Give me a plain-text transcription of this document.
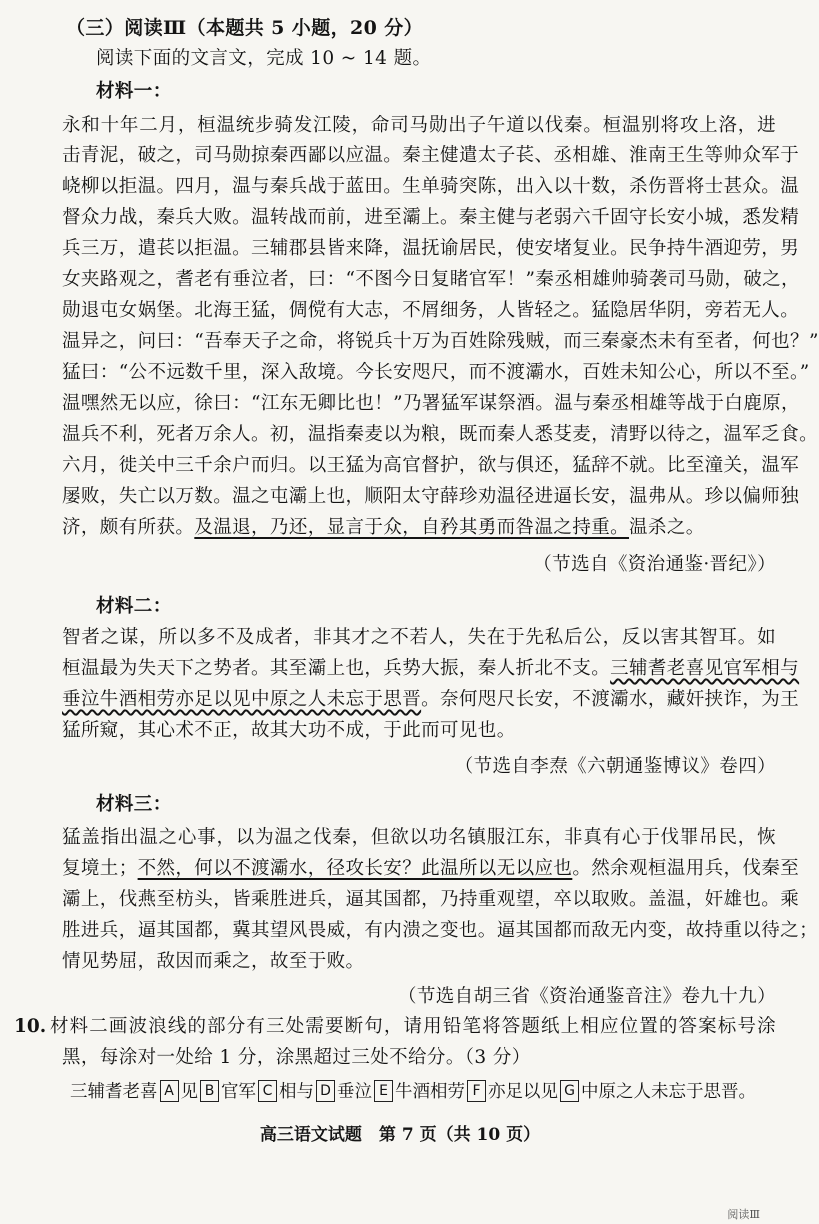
（三）阅读Ⅲ（本题共 5 小题，20 分）
阅读下面的文言文，完成 10 ~ 14 题。
材料一：
永和十年二月，桓温统步骑发江陵，命司马勋出子午道以伐秦。桓温别将攻上洛，进
击青泥，破之，司马勋掠秦西鄙以应温。秦主健遣太子苌、丞相雄、淮南王生等帅众军于
峣柳以拒温。四月，温与秦兵战于蓝田。生单骑突陈，出入以十数，杀伤晋将士甚众。温
督众力战，秦兵大败。温转战而前，进至灞上。秦主健与老弱六千固守长安小城，悉发精
兵三万，遣苌以拒温。三辅郡县皆来降，温抚谕居民，使安堵复业。民争持牛酒迎劳，男
女夹路观之，耆老有垂泣者，曰：“不图今日复睹官军！”秦丞相雄帅骑袭司马勋，破之，
勋退屯女娲堡。北海王猛，倜傥有大志，不屑细务，人皆轻之。猛隐居华阴，旁若无人。
温异之，问曰：“吾奉天子之命，将锐兵十万为百姓除残贼，而三秦豪杰未有至者，何也？”
猛曰：“公不远数千里，深入敌境。今长安咫尺，而不渡灞水，百姓未知公心，所以不至。”
温嘿然无以应，徐曰：“江东无卿比也！”乃署猛军谋祭酒。温与秦丞相雄等战于白鹿原，
温兵不利，死者万余人。初，温指秦麦以为粮，既而秦人悉芟麦，清野以待之，温军乏食。
六月，徙关中三千余户而归。以王猛为高官督护，欲与俱还，猛辞不就。比至潼关，温军
屡败，失亡以万数。温之屯灞上也，顺阳太守薛珍劝温径进逼长安，温弗从。珍以偏师独
济，颇有所获。及温退，乃还，显言于众，自矜其勇而咎温之持重。温杀之。
（节选自《资治通鉴·晋纪》）
材料二：
智者之谋，所以多不及成者，非其才之不若人，失在于先私后公，反以害其智耳。如
桓温最为失天下之势者。其至灞上也，兵势大振，秦人折北不支。三辅耆老喜见官军相与
垂泣牛酒相劳亦足以见中原之人未忘于思晋。奈何咫尺长安，不渡灞水，藏奸挟诈，为王
猛所窥，其心术不正，故其大功不成，于此而可见也。
（节选自李焘《六朝通鉴博议》卷四）
材料三：
猛盖指出温之心事，以为温之伐秦，但欲以功名镇服江东，非真有心于伐罪吊民，恢
复境土；不然，何以不渡灞水，径攻长安？此温所以无以应也。然余观桓温用兵，伐秦至
灞上，伐燕至枋头，皆乘胜进兵，逼其国都，乃持重观望，卒以取败。盖温，奸雄也。乘
胜进兵，逼其国都，冀其望风畏威，有内溃之变也。逼其国都而敌无内变，故持重以待之；
情见势屈，敌因而乘之，故至于败。
（节选自胡三省《资治通鉴音注》卷九十九）
10. 材料二画波浪线的部分有三处需要断句，请用铅笔将答题纸上相应位置的答案标号涂
黑，每涂对一处给 1 分，涂黑超过三处不给分。（3 分）
三辅耆老喜 A 见 B 官军 C 相与 D 垂泣 E 牛酒相劳 F 亦足以见 G 中原之人未忘于思晋。
高三语文试题　第 7 页（共 10 页）
阅读Ⅲ
